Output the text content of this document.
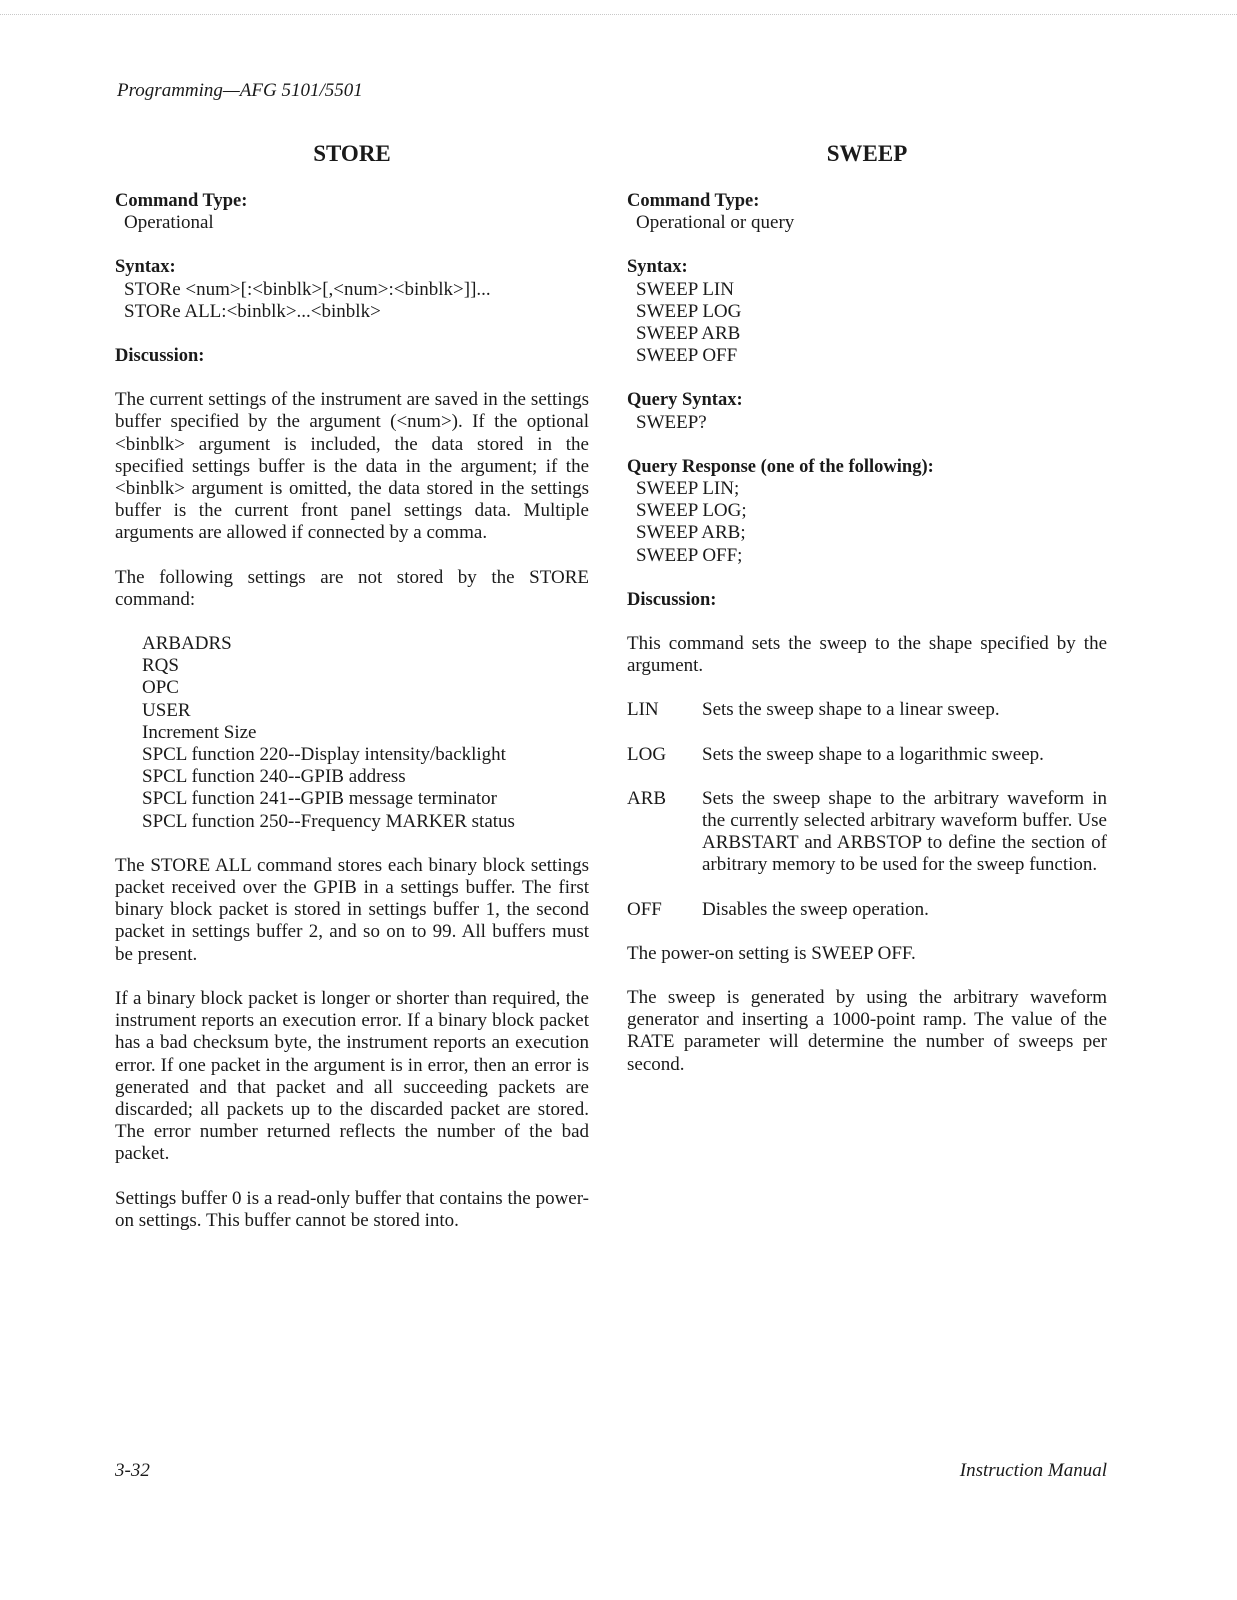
Programming—AFG 5101/5501
STORE

Command Type:

Operational

Syntax:

STORe <num>[:<binblk>[,<num>:<binblk>]]...

STORe ALL:<binblk>...<binblk>

Discussion:

The current settings of the instrument are saved in the settings buffer specified by the argument (<num>). If the optional <binblk> argument is included, the data stored in the specified settings buffer is the data in the argument; if the <binblk> argument is omitted, the data stored in the settings buffer is the current front panel settings data. Multiple arguments are allowed if connected by a comma.

The following settings are not stored by the STORE command:

ARBADRS
RQS
OPC
USER
Increment Size
SPCL function 220--Display intensity/backlight
SPCL function 240--GPIB address
SPCL function 241--GPIB message terminator
SPCL function 250--Frequency MARKER status

The STORE ALL command stores each binary block settings packet received over the GPIB in a settings buffer. The first binary block packet is stored in settings buffer 1, the second packet in settings buffer 2, and so on to 99. All buffers must be present.

If a binary block packet is longer or shorter than required, the instrument reports an execution error. If a binary block packet has a bad checksum byte, the instrument reports an execution error. If one packet in the argument is in error, then an error is generated and that packet and all succeeding packets are discarded; all packets up to the discarded packet are stored. The error number returned reflects the number of the bad packet.

Settings buffer 0 is a read-only buffer that contains the power-on settings. This buffer cannot be stored into.

SWEEP

Command Type:

Operational or query

Syntax:

SWEEP LIN

SWEEP LOG

SWEEP ARB

SWEEP OFF

Query Syntax:

SWEEP?

Query Response (one of the following):

SWEEP LIN;

SWEEP LOG;

SWEEP ARB;

SWEEP OFF;

Discussion:

This command sets the sweep to the shape specified by the argument.

LIN	Sets the sweep shape to a linear sweep.
LOG	Sets the sweep shape to a logarithmic sweep.
ARB	Sets the sweep shape to the arbitrary waveform in the currently selected arbitrary waveform buffer. Use ARBSTART and ARBSTOP to define the section of arbitrary memory to be used for the sweep function.
OFF	Disables the sweep operation.

The power-on setting is SWEEP OFF.

The sweep is generated by using the arbitrary waveform generator and inserting a 1000-point ramp. The value of the RATE parameter will determine the number of sweeps per second.

3-32	Instruction Manual
